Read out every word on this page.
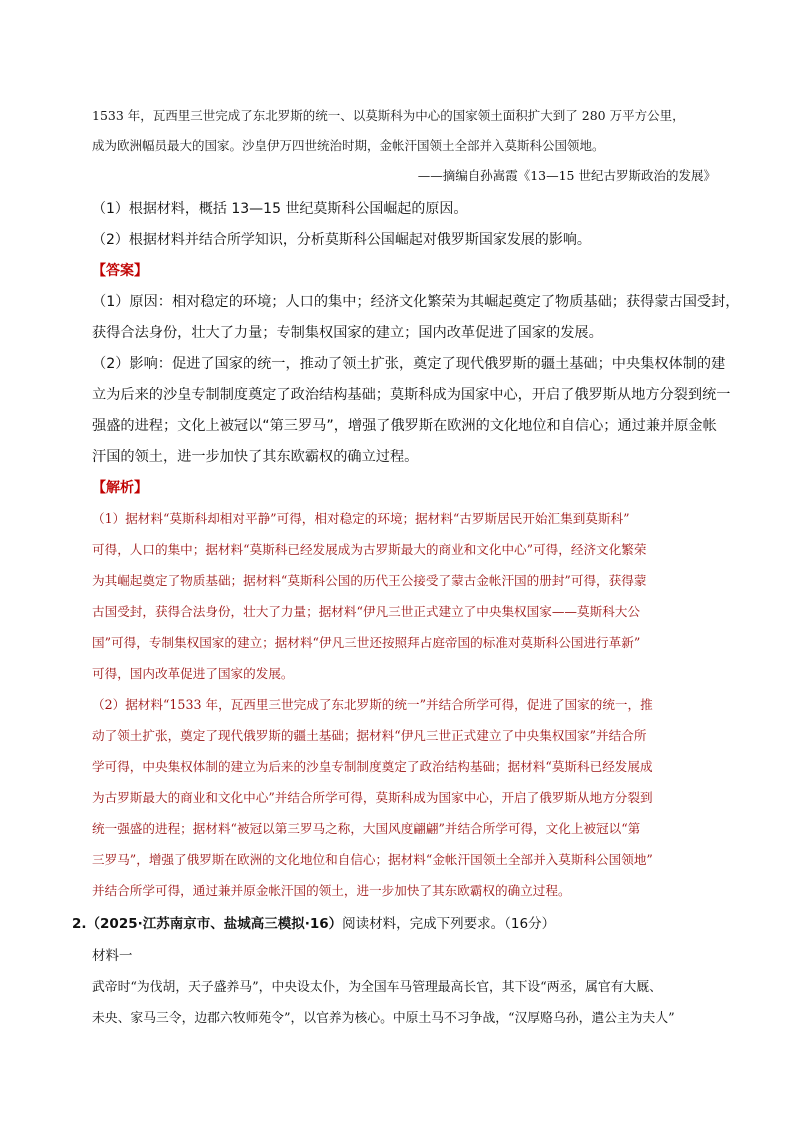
1533 年，瓦西里三世完成了东北罗斯的统一、以莫斯科为中心的国家领土面积扩大到了 280 万平方公里，
成为欧洲幅员最大的国家。沙皇伊万四世统治时期，金帐汗国领土全部并入莫斯科公国领地。
——摘编自孙嵩霞《13—15 世纪古罗斯政治的发展》
（1）根据材料，概括 13—15 世纪莫斯科公国崛起的原因。
（2）根据材料并结合所学知识，分析莫斯科公国崛起对俄罗斯国家发展的影响。
【答案】
（1）原因：相对稳定的环境；人口的集中；经济文化繁荣为其崛起奠定了物质基础；获得蒙古国受封，
获得合法身份，壮大了力量；专制集权国家的建立；国内改革促进了国家的发展。
（2）影响：促进了国家的统一，推动了领土扩张，奠定了现代俄罗斯的疆土基础；中央集权体制的建
立为后来的沙皇专制制度奠定了政治结构基础；莫斯科成为国家中心，开启了俄罗斯从地方分裂到统一
强盛的进程；文化上被冠以“第三罗马”，增强了俄罗斯在欧洲的文化地位和自信心；通过兼并原金帐
汗国的领土，进一步加快了其东欧霸权的确立过程。
【解析】
（1）据材料“莫斯科却相对平静”可得，相对稳定的环境；据材料“古罗斯居民开始汇集到莫斯科”
可得，人口的集中；据材料“莫斯科已经发展成为古罗斯最大的商业和文化中心”可得，经济文化繁荣
为其崛起奠定了物质基础；据材料“莫斯科公国的历代王公接受了蒙古金帐汗国的册封”可得，获得蒙
古国受封，获得合法身份，壮大了力量；据材料“伊凡三世正式建立了中央集权国家——莫斯科大公
国”可得，专制集权国家的建立；据材料“伊凡三世还按照拜占庭帝国的标准对莫斯科公国进行革新”
可得，国内改革促进了国家的发展。
（2）据材料“1533 年，瓦西里三世完成了东北罗斯的统一”并结合所学可得，促进了国家的统一，推
动了领土扩张，奠定了现代俄罗斯的疆土基础；据材料“伊凡三世正式建立了中央集权国家”并结合所
学可得，中央集权体制的建立为后来的沙皇专制制度奠定了政治结构基础；据材料“莫斯科已经发展成
为古罗斯最大的商业和文化中心”并结合所学可得，莫斯科成为国家中心，开启了俄罗斯从地方分裂到
统一强盛的进程；据材料“被冠以第三罗马之称，大国风度翩翩”并结合所学可得，文化上被冠以“第
三罗马”，增强了俄罗斯在欧洲的文化地位和自信心；据材料“金帐汗国领土全部并入莫斯科公国领地”
并结合所学可得，通过兼并原金帐汗国的领土，进一步加快了其东欧霸权的确立过程。
2.（2025·江苏南京市、盐城高三模拟·16）阅读材料，完成下列要求。（16分）
材料一
武帝时“为伐胡，天子盛养马”，中央设太仆，为全国车马管理最高长官，其下设“两丞，属官有大厩、
未央、家马三令，边郡六牧师苑令”，以官养为核心。中原土马不习争战，“汉厚赂乌孙，遣公主为夫人”
